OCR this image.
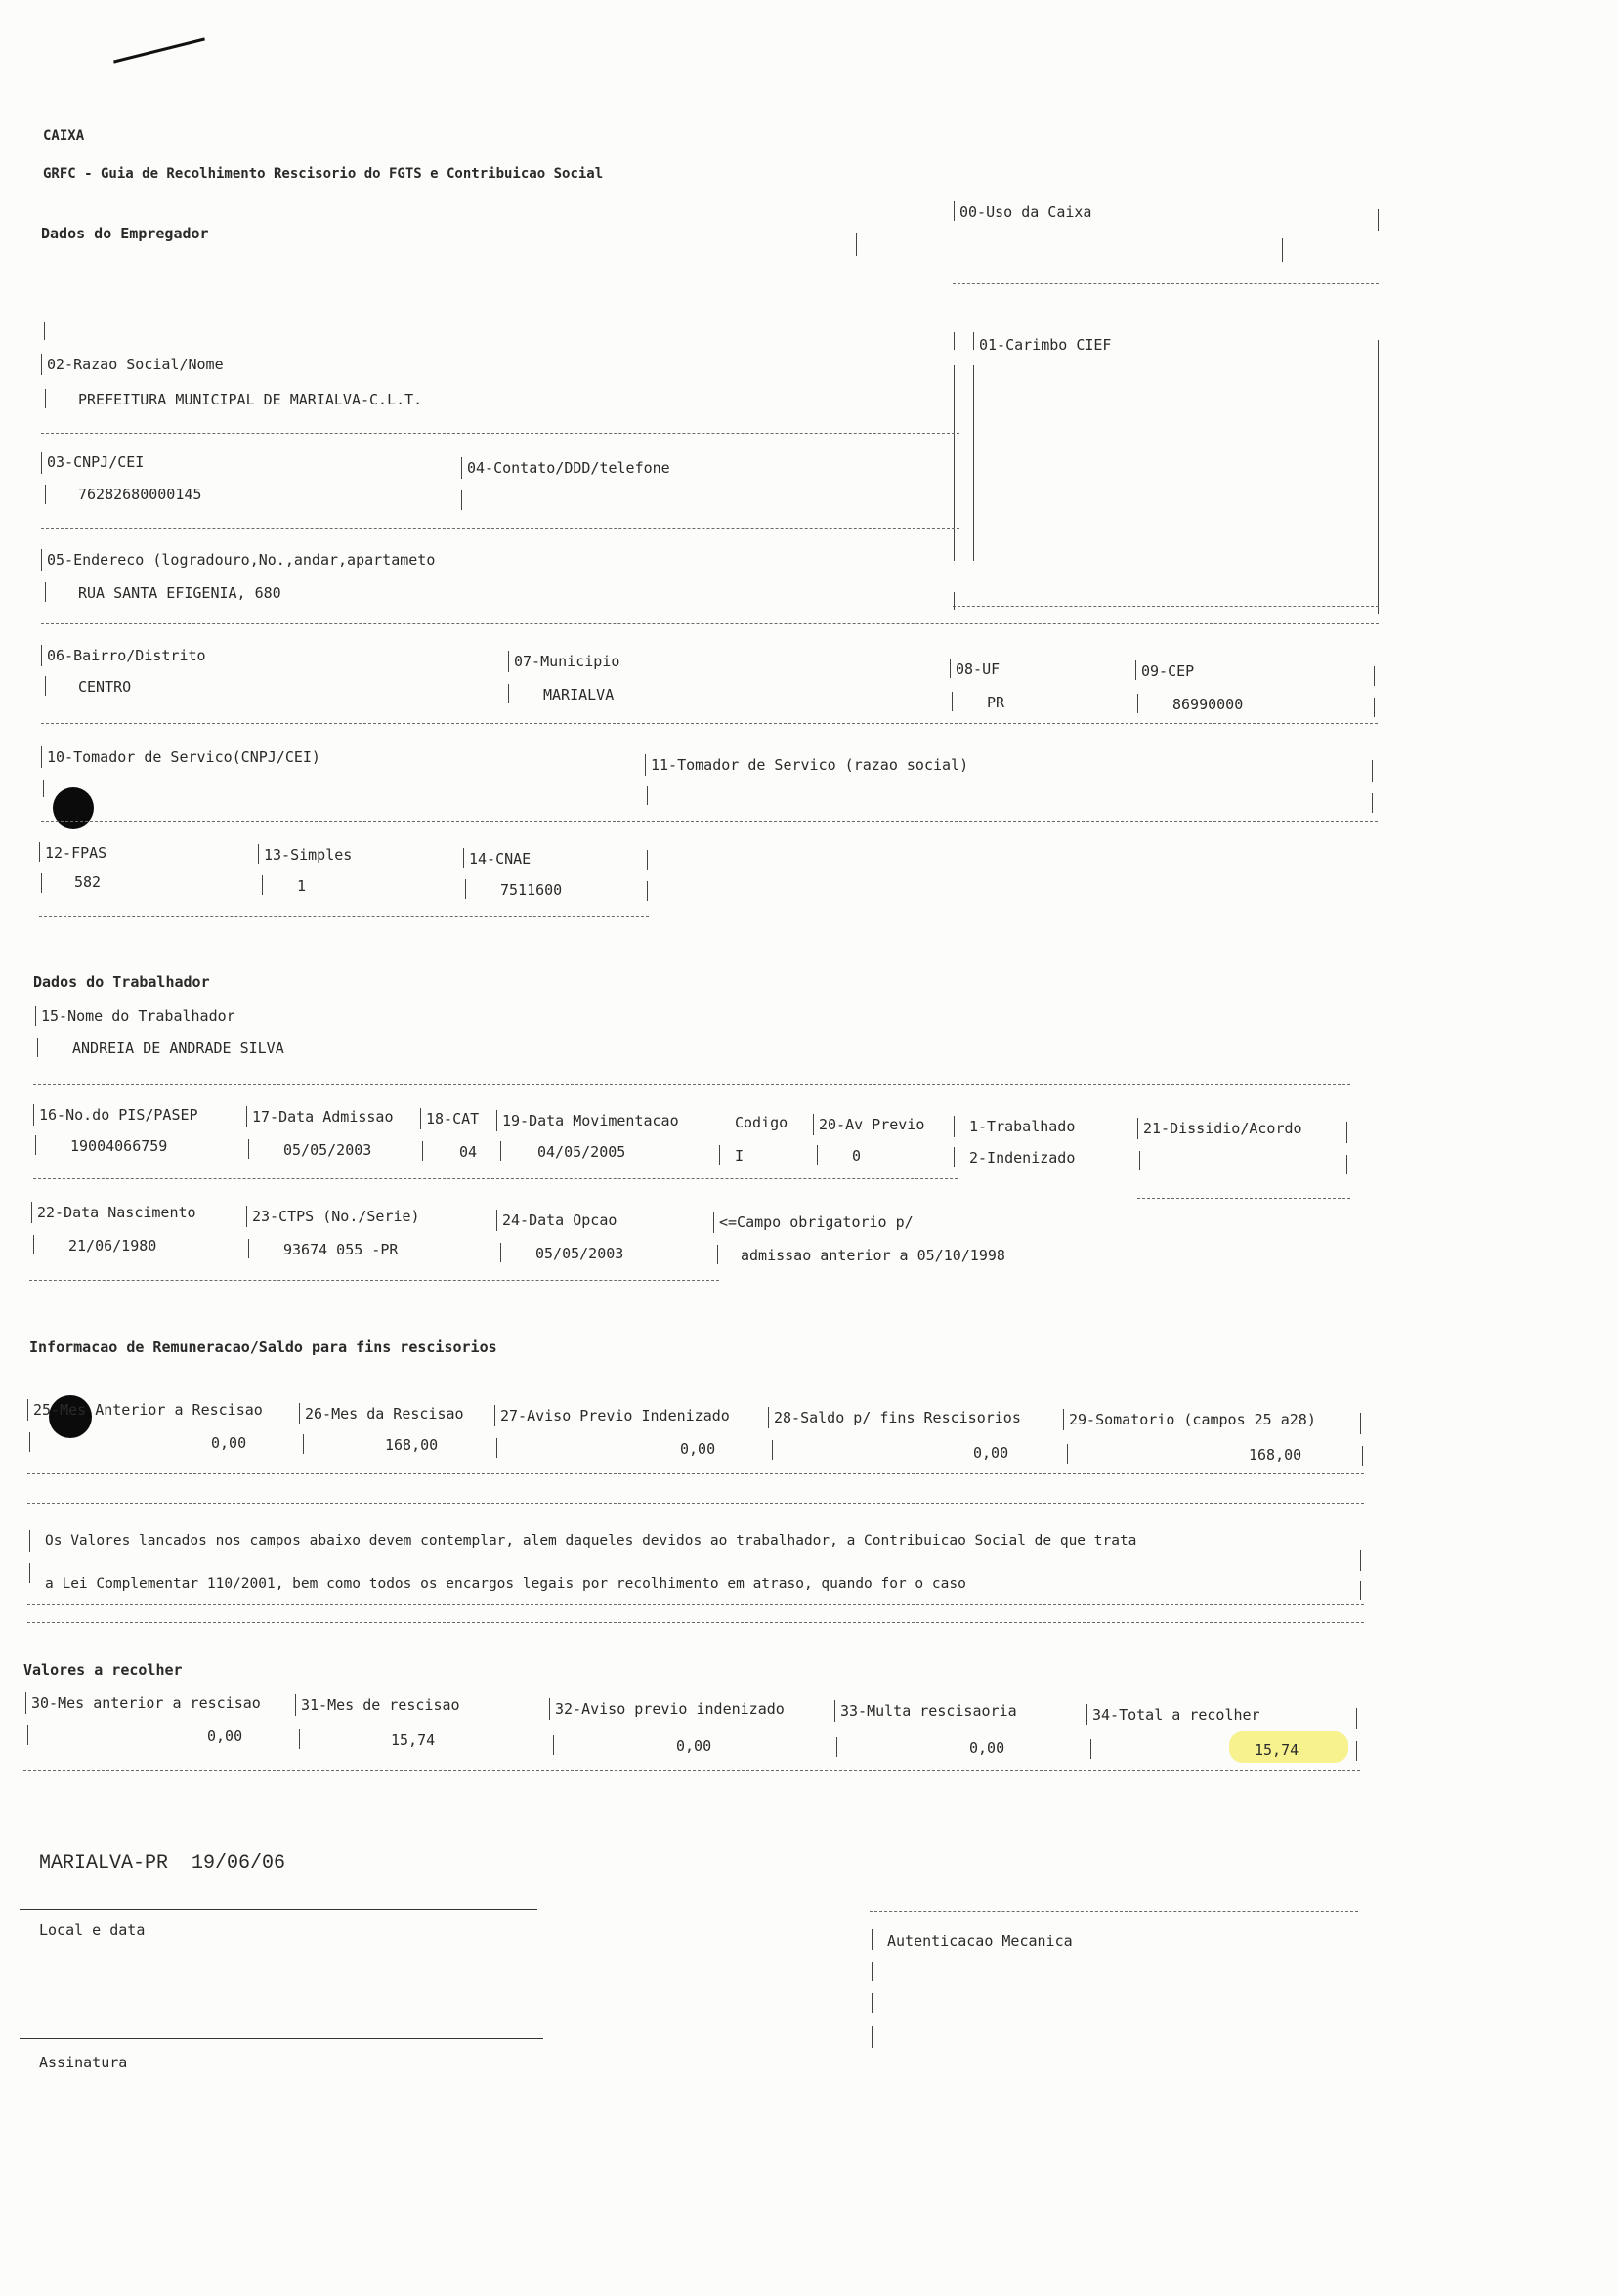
CAIXA
GRFC - Guia de Recolhimento Rescisorio do FGTS e Contribuicao Social
Dados do Empregador
00-Uso da Caixa
01-Carimbo CIEF
02-Razao Social/Nome
PREFEITURA MUNICIPAL DE MARIALVA-C.L.T.
03-CNPJ/CEI	04-Contato/DDD/telefone
76282680000145
05-Endereco (logradouro,No.,andar,apartameto
RUA SANTA EFIGENIA, 680
06-Bairro/Distrito	07-Municipio	08-UF	09-CEP
CENTRO	MARIALVA	PR	86990000
10-Tomador de Servico(CNPJ/CEI)	11-Tomador de Servico (razao social)
12-FPAS	13-Simples	14-CNAE
582	1	7511600
Dados do Trabalhador
15-Nome do Trabalhador
ANDREIA DE ANDRADE SILVA
16-No.do PIS/PASEP	17-Data Admissao 18-CAT 19-Data Movimentacao	Codigo 20-Av Previo	1-Trabalhado	21-Dissidio/Acordo
19004066759	05/05/2003	04	04/05/2005	I	0	2-Indenizado
22-Data Nascimento	23-CTPS (No./Serie)	24-Data Opcao	<=Campo obrigatorio p/
21/06/1980	93674 055 -PR	05/05/2003	admissao anterior a 05/10/1998
Informacao de Remuneracao/Saldo para fins rescisorios
25-Mes Anterior a Rescisao	26-Mes da Rescisao 27-Aviso Previo Indenizado	28-Saldo p/ fins Rescisorios	29-Somatorio (campos 25 a28)
0,00	168,00	0,00	0,00	168,00
Os Valores lancados nos campos abaixo devem contemplar, alem daqueles devidos ao trabalhador, a Contribuicao Social de que trata
a Lei Complementar 110/2001, bem como todos os encargos legais por recolhimento em atraso, quando for o caso
Valores a recolher
30-Mes anterior a rescisao	31-Mes de rescisao	32-Aviso previo indenizado	33-Multa rescisaoria	34-Total a recolher
0,00	15,74	0,00	0,00	15,74
MARIALVA-PR  19/06/06
Local e data
Autenticacao Mecanica
Assinatura
